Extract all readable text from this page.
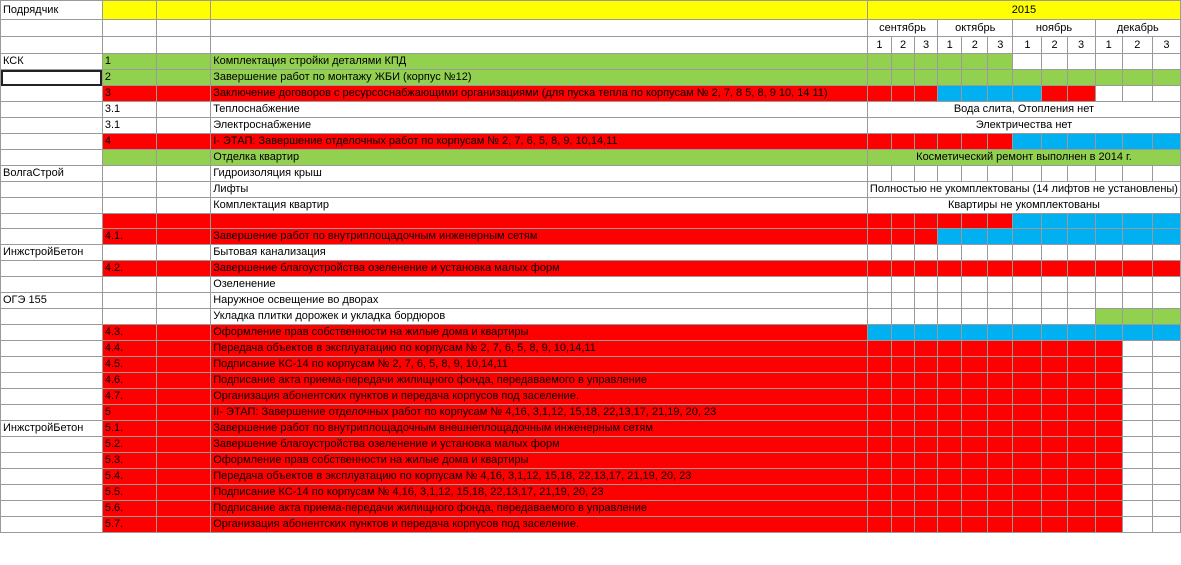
Подрядчик				2015											
				сентябрь			октябрь			ноябрь			декабрь		
				1	2	3	1	2	3	1	2	3	1	2	3
КСК	1		Комплектация стройки деталями КПД												
	2		Завершение работ по монтажу ЖБИ (корпус №12)												
	3		Заключение договоров с ресурсоснабжающими организациями (для пуска тепла по корпусам № 2, 7, 8 5, 8, 9 10, 14 11)												
	3.1		Теплоснабжение	Вода слита, Отопления нет											
	3.1		Электроснабжение	Электричества нет											
	4		I- ЭТАП: Завершение отделочных работ по корпусам № 2, 7, 6, 5, 8, 9, 10,14,11												
			Отделка квартир	Косметический ремонт выполнен в 2014 г.											
ВолгаСтрой			Гидроизоляция крыш												
			Лифты	Полностью не укомплектованы (14 лифтов не установлены)											
			Комплектация квартир	Квартиры не укомплектованы											

	4.1.		Завершение работ по внутриплощадочным инженерным сетям												
ИнжстройБетон			Бытовая канализация												
	4.2.		Завершение благоустройства озеленение и установка малых форм												
			Озеленение												
ОГЭ 155			Наружное освещение во дворах												
			Укладка плитки дорожек и укладка бордюров												
	4.3.		Оформление прав собственности на жилые дома и квартиры												
	4.4.		Передача объектов в эксплуатацию по корпусам № 2, 7, 6, 5, 8, 9, 10,14,11												
	4.5.		Подписание КС-14 по корпусам № 2, 7, 6, 5, 8, 9, 10,14,11												
	4.6.		Подписание акта приема-передачи жилищного фонда, передаваемого в управление												
	4.7.		Организация абонентских пунктов и передача корпусов под заселение.												
	5		II- ЭТАП: Завершение отделочных работ по корпусам № 4,16, 3,1,12, 15,18, 22,13,17, 21,19, 20, 23												
ИнжстройБетон	5.1.		Завершение работ по внутриплощадочным внешнеплощадочным инженерным сетям												
	5.2.		Завершение благоустройства озеленение и установка малых форм												
	5.3.		Оформление прав собственности на жилые дома и квартиры												
	5.4.		Передача объектов в эксплуатацию по корпусам № 4,16, 3,1,12, 15,18, 22,13,17, 21,19, 20, 23												
	5.5.		Подписание КС-14 по корпусам № 4,16, 3,1,12, 15,18, 22,13,17, 21,19, 20, 23												
	5.6.		Подписание акта приема-передачи жилищного фонда, передаваемого в управление												
	5.7.		Организация абонентских пунктов и передача корпусов под заселение.												
